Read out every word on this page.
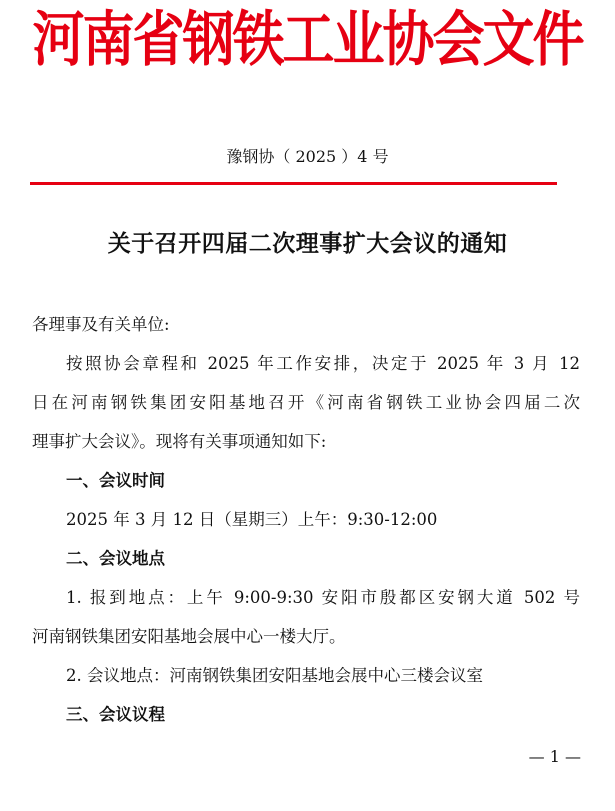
河南省钢铁工业协会文件
豫钢协（ 2025 ）4 号
关于召开四届二次理事扩大会议的通知
各理事及有关单位:
按照协会章程和 2025 年工作安排，决定于 2025 年 3 月 12
日在河南钢铁集团安阳基地召开《河南省钢铁工业协会四届二次
理事扩大会议》。现将有关事项通知如下:
一、会议时间
2025 年 3 月 12 日（星期三）上午：9:30-12:00
二、会议地点
1. 报到地点：上午 9:00-9:30 安阳市殷都区安钢大道 502 号
河南钢铁集团安阳基地会展中心一楼大厅。
2. 会议地点：河南钢铁集团安阳基地会展中心三楼会议室
三、会议议程
— 1 —
